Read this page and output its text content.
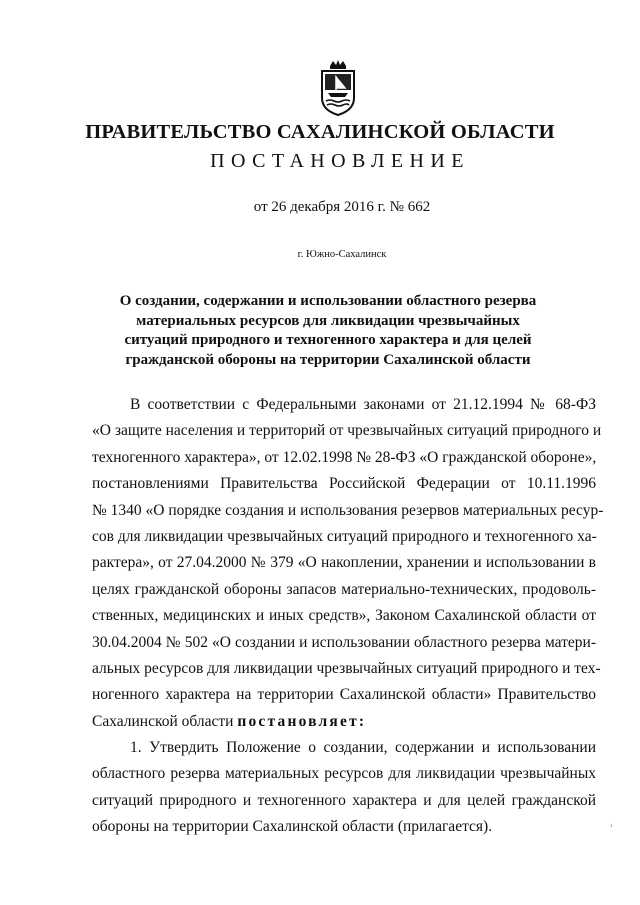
ПРАВИТЕЛЬСТВО САХАЛИНСКОЙ ОБЛАСТИ
ПОСТАНОВЛЕНИЕ
от 26 декабря 2016 г. № 662
г. Южно-Сахалинск
О создании, содержании и использовании областного резерва
материальных ресурсов для ликвидации чрезвычайных
ситуаций природного и техногенного характера и для целей
гражданской обороны на территории Сахалинской области
В соответствии с Федеральными законами от 21.12.1994 № 68-ФЗ
«О защите населения и территорий от чрезвычайных ситуаций природного и
техногенного характера», от 12.02.1998 № 28-ФЗ «О гражданской обороне»,
постановлениями Правительства Российской Федерации от 10.11.1996
№ 1340 «О порядке создания и использования резервов материальных ресур-
сов для ликвидации чрезвычайных ситуаций природного и техногенного ха-
рактера», от 27.04.2000 № 379 «О накоплении, хранении и использовании в
целях гражданской обороны запасов материально-технических, продоволь-
ственных, медицинских и иных средств», Законом Сахалинской области от
30.04.2004 № 502 «О создании и использовании областного резерва матери-
альных ресурсов для ликвидации чрезвычайных ситуаций природного и тех-
ногенного характера на территории Сахалинской области» Правительство
Сахалинской области постановляет:
1. Утвердить Положение о создании, содержании и использовании
областного резерва материальных ресурсов для ликвидации чрезвычайных
ситуаций природного и техногенного характера и для целей гражданской
обороны на территории Сахалинской области (прилагается).	‹
